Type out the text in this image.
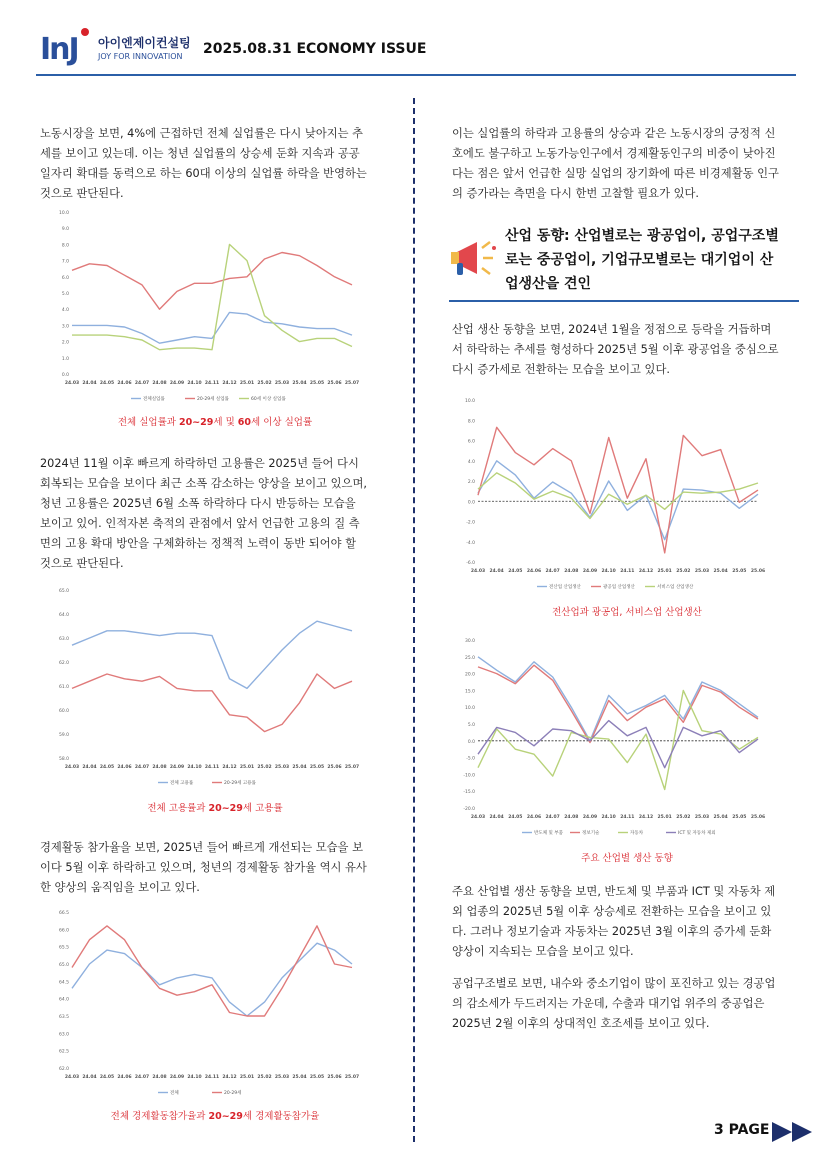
InJ 아이엔제이컨설팅
JOY FOR INNOVATION 2025.08.31 ECONOMY ISSUE

노동시장을 보면, 4%에 근접하던 전체 실업률은 다시 낮아지는 추
세를 보이고 있는데. 이는 청년 실업률의 상승세 둔화 지속과 공공
일자리 확대를 동력으로 하는 60대 이상의 실업률 하락을 반영하는
것으로 판단된다.

0.0
1.0
2.0
3.0
4.0
5.0
6.0
7.0
8.0
9.0
10.0
24.03 24.04 24.05 24.06 24.07 24.08 24.09 24.10 24.11 24.12 25.01 25.02 25.03 25.04 25.05 25.06 25.07
전체실업률	20-29세 실업률	60세 이상 실업률
전체 실업률과 20~29세 및 60세 이상 실업률

2024년 11월 이후 빠르게 하락하던 고용률은 2025년 들어 다시
회복되는 모습을 보이다 최근 소폭 감소하는 양상을 보이고 있으며,
청년 고용률은 2025년 6월 소폭 하락하다 다시 반등하는 모습을
보이고 있어. 인적자본 축적의 관점에서 앞서 언급한 고용의 질 측
면의 고용 확대 방안을 구체화하는 정책적 노력이 동반 되어야 할
것으로 판단된다.

58.0
59.0
60.0
61.0
62.0
63.0
64.0
65.0
24.03 24.04 24.05 24.06 24.07 24.08 24.09 24.10 24.11 24.12 25.01 25.02 25.03 25.04 25.05 25.06 25.07
전체 고용률	20-29세 고용률
전체 고용률과 20~29세 고용률

경제활동 참가율을 보면, 2025년 들어 빠르게 개선되는 모습을 보
이다 5월 이후 하락하고 있으며, 청년의 경제활동 참가율 역시 유사
한 양상의 움직임을 보이고 있다.

62.0
62.5
63.0
63.5
64.0
64.5
65.0
65.5
66.0
66.5
24.03 24.04 24.05 24.06 24.07 24.08 24.09 24.10 24.11 24.12 25.01 25.02 25.03 25.04 25.05 25.06 25.07
전체	20-29세
전체 경제활동참가율과 20~29세 경제활동참가율

이는 실업률의 하락과 고용률의 상승과 같은 노동시장의 긍정적 신
호에도 불구하고 노동가능인구에서 경제활동인구의 비중이 낮아진
다는 점은 앞서 언급한 실망 실업의 장기화에 따른 비경제활동 인구
의 증가라는 측면을 다시 한번 고찰할 필요가 있다.

산업 동향: 산업별로는 광공업이, 공업구조별
로는 중공업이, 기업규모별로는 대기업이 산
업생산을 견인

산업 생산 동향을 보면, 2024년 1월을 정점으로 등락을 거듭하며
서 하락하는 추세를 형성하다 2025년 5월 이후 광공업을 중심으로
다시 증가세로 전환하는 모습을 보이고 있다.

-6.0
-4.0
-2.0
0.0
2.0
4.0
6.0
8.0
10.0
24.03 24.04 24.05 24.06 24.07 24.08 24.09 24.10 24.11 24.12 25.01 25.02 25.03 25.04 25.05 25.06
전산업 산업생산	광공업 산업생산	서비스업 산업생산
전산업과 광공업, 서비스업 산업생산
-20.0
-15.0
-10.0
-5.0
0.0
5.0
10.0
15.0
20.0
25.0
30.0
24.03 24.04 24.05 24.06 24.07 24.08 24.09 24.10 24.11 24.12 25.01 25.02 25.03 25.04 25.05 25.06
반도체 및 부품	정보기술	자동차	ICT 및 자동차 제외
주요 산업별 생산 동향

주요 산업별 생산 동향을 보면, 반도체 및 부품과 ICT 및 자동차 제
외 업종의 2025년 5월 이후 상승세로 전환하는 모습을 보이고 있
다. 그러나 정보기술과 자동차는 2025년 3월 이후의 증가세 둔화
양상이 지속되는 모습을 보이고 있다.

공업구조별로 보면, 내수와 중소기업이 많이 포진하고 있는 경공업
의 감소세가 두드러지는 가운데, 수출과 대기업 위주의 중공업은
2025년 2월 이후의 상대적인 호조세를 보이고 있다.

3 PAGE
